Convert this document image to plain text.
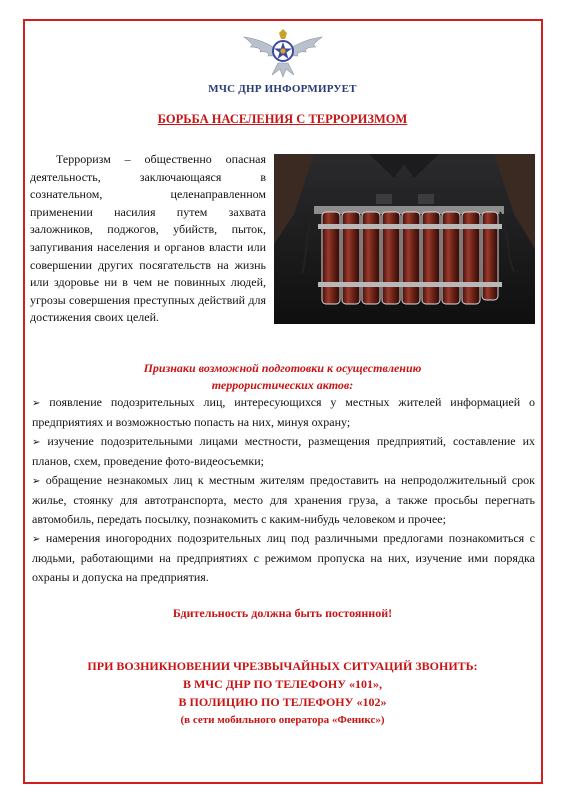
МЧС ДНР ИНФОРМИРУЕТ
БОРЬБА НАСЕЛЕНИЯ С ТЕРРОРИЗМОМ
Терроризм – общественно опасная деятельность, заключающаяся в сознательном, целенаправленном применении насилия путем захвата заложников, поджогов, убийств, пыток, запугивания населения и органов власти или совершении других посягательств на жизнь или здоровье ни в чем не повинных людей, угрозы совершения преступных действий для достижения своих целей.
Признаки возможной подготовки к осуществлению
террористических актов:

➢ появление подозрительных лиц, интересующихся у местных жителей информацией о предприятиях и возможностью попасть на них, минуя охрану;

➢ изучение подозрительными лицами местности, размещения предприятий, составление их планов, схем, проведение фото-видеосъемки;

➢ обращение незнакомых лиц к местным жителям предоставить на непродолжительный срок жилье, стоянку для автотранспорта, место для хранения груза, а также просьбы перегнать автомобиль, передать посылку, познакомить с каким-нибудь человеком и прочее;

➢ намерения иногородних подозрительных лиц под различными предлогами познакомиться с людьми, работающими на предприятиях с режимом пропуска на них, изучение ими порядка охраны и допуска на предприятия.

Бдительность должна быть постоянной!
ПРИ ВОЗНИКНОВЕНИИ ЧРЕЗВЫЧАЙНЫХ СИТУАЦИЙ ЗВОНИТЬ:
В МЧС ДНР ПО ТЕЛЕФОНУ «101»,
В ПОЛИЦИЮ ПО ТЕЛЕФОНУ «102»
(в сети мобильного оператора «Феникс»)
